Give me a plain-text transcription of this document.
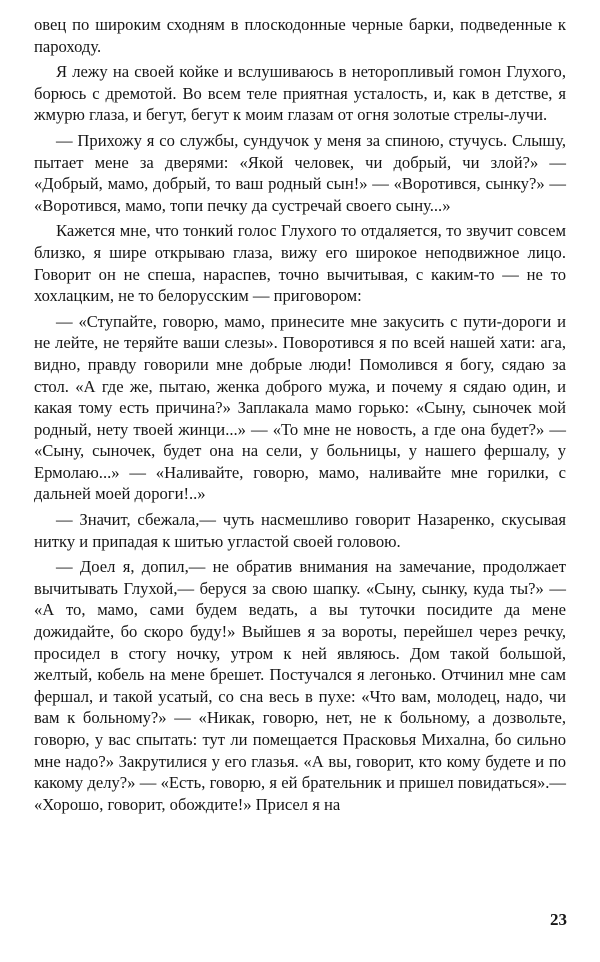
овец по широким сходням в плоскодонные черные барки, подведенные к пароходу.

Я лежу на своей койке и вслушиваюсь в неторопливый гомон Глухого, борюсь с дремотой. Во всем теле приятная усталость, и, как в детстве, я жмурю глаза, и бегут, бегут к моим глазам от огня золотые стрелы-лучи.

— Прихожу я со службы, сундучок у меня за спиною, стучусь. Слышу, пытает мене за дверями: «Якой человек, чи добрый, чи злой?» — «Добрый, мамо, добрый, то ваш родный сын!» — «Воротився, сынку?» — «Воротився, мамо, топи печку да сустречай своего сыну...»

Кажется мне, что тонкий голос Глухого то отдаляется, то звучит совсем близко, я шире открываю глаза, вижу его широкое неподвижное лицо. Говорит он не спеша, нараспев, точно вычитывая, с каким-то — не то хохлацким, не то белорусским — приговором:

— «Ступайте, говорю, мамо, принесите мне закусить с пути-дороги и не лейте, не теряйте ваши слезы». Поворотився я по всей нашей хати: ага, видно, правду говорили мне добрые люди! Помолився я богу, сядаю за стол. «А где же, пытаю, женка доброго мужа, и почему я сядаю один, и какая тому есть причина?» Заплакала мамо горько: «Сыну, сыночек мой родный, нету твоей жинци...» — «То мне не новость, а где она будет?» — «Сыну, сыночек, будет она на сели, у больницы, у нашего фершалу, у Ермолаю...» — «Наливайте, говорю, мамо, наливайте мне горилки, с дальней моей дороги!..»

— Значит, сбежала,— чуть насмешливо говорит Назаренко, скусывая нитку и припадая к шитью угластой своей головою.

— Доел я, допил,— не обратив внимания на замечание, продолжает вычитывать Глухой,— беруся за свою шапку. «Сыну, сынку, куда ты?» — «А то, мамо, сами будем ведать, а вы туточки посидите да мене дожидайте, бо скоро буду!» Выйшев я за вороты, перейшел через речку, просидел в стогу ночку, утром к ней являюсь. Дом такой большой, желтый, кобель на мене брешет. Постучался я легонько. Отчинил мне сам фершал, и такой усатый, со сна весь в пухе: «Что вам, молодец, надо, чи вам к больному?» — «Никак, говорю, нет, не к больному, а дозвольте, говорю, у вас спытать: тут ли помещается Прасковья Михална, бо сильно мне надо?» Закрутилися у его глазья. «А вы, говорит, кто кому будете и по какому делу?» — «Есть, говорю, я ей брательник и пришел повидаться».— «Хорошо, говорит, обождите!» Присел я на

23
